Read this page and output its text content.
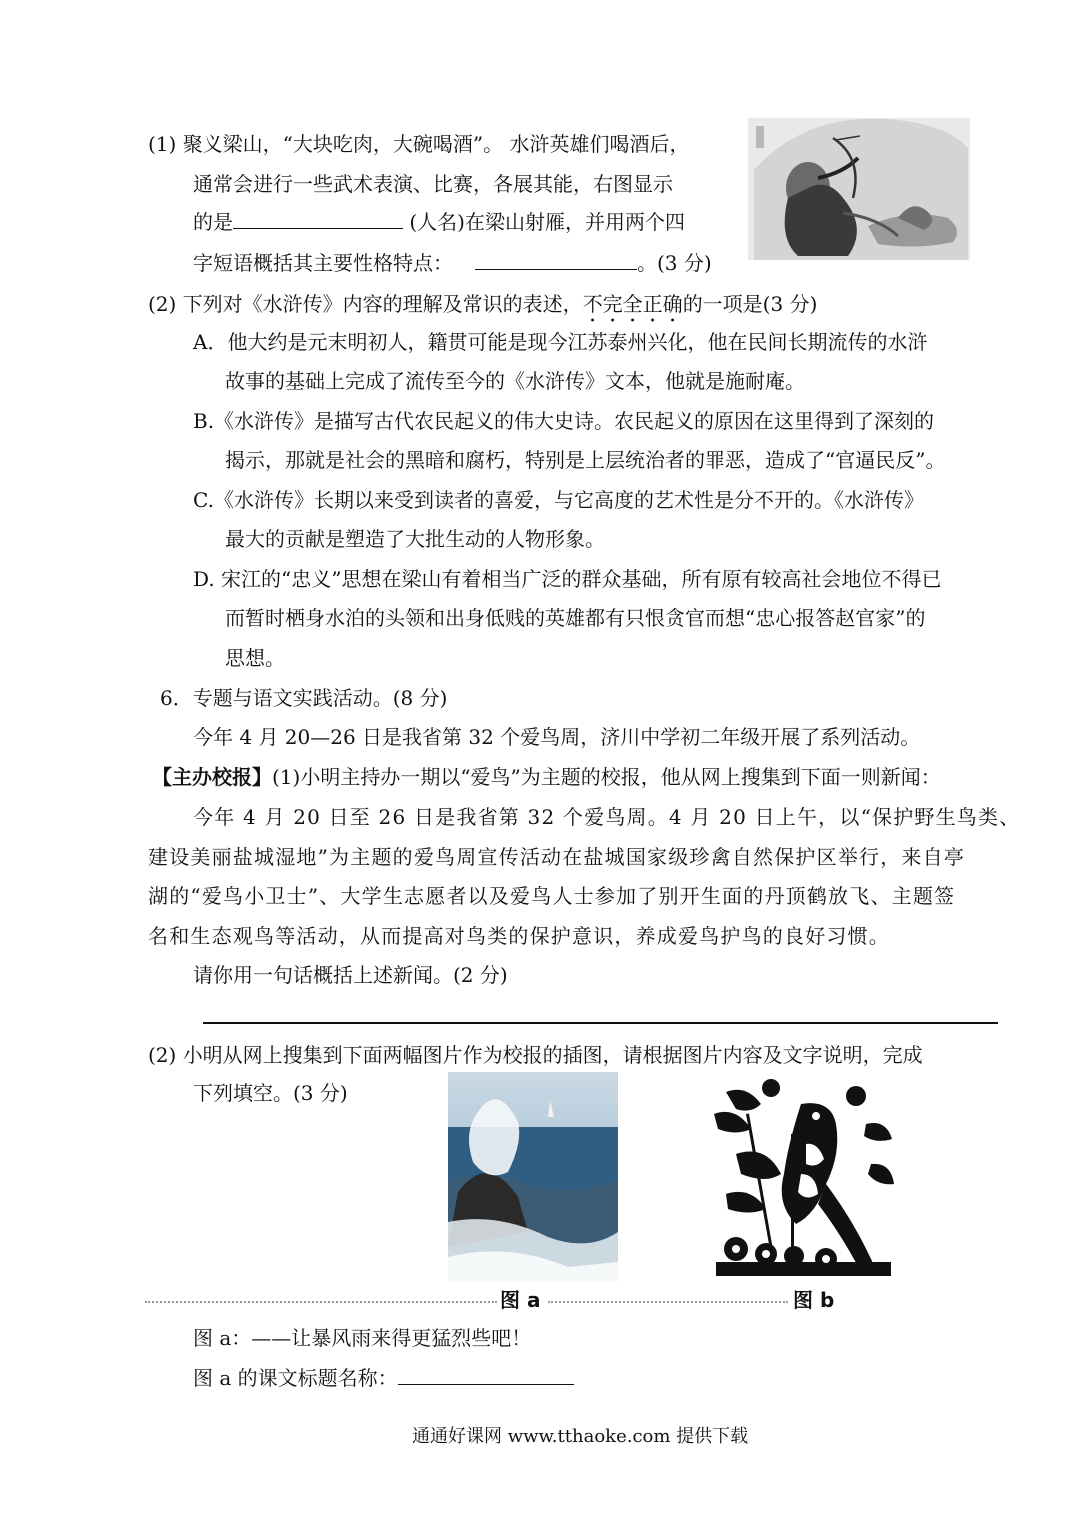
(1) 聚义梁山，“大块吃肉，大碗喝酒”。 水浒英雄们喝酒后，
通常会进行一些武术表演、比赛，各展其能，右图显示
的是	(人名)在梁山射雁，并用两个四
字短语概括其主要性格特点：	。(3 分)
(2) 下列对《水浒传》内容的理解及常识的表述，不完全正确的一项是(3 分)
A．他大约是元末明初人，籍贯可能是现今江苏泰州兴化，他在民间长期流传的水浒
故事的基础上完成了流传至今的《水浒传》文本，他就是施耐庵。
B.《水浒传》是描写古代农民起义的伟大史诗。农民起义的原因在这里得到了深刻的
揭示，那就是社会的黑暗和腐朽，特别是上层统治者的罪恶，造成了“官逼民反”。
C.《水浒传》长期以来受到读者的喜爱，与它高度的艺术性是分不开的。《水浒传》
最大的贡献是塑造了大批生动的人物形象。
D. 宋江的“忠义”思想在梁山有着相当广泛的群众基础，所有原有较高社会地位不得已
而暂时栖身水泊的头领和出身低贱的英雄都有只恨贪官而想“忠心报答赵官家”的
思想。
6．专题与语文实践活动。(8 分)
今年 4 月 20—26 日是我省第 32 个爱鸟周，济川中学初二年级开展了系列活动。
【主办校报】(1)小明主持办一期以“爱鸟”为主题的校报，他从网上搜集到下面一则新闻：
今年 4 月 20 日至 26 日是我省第 32 个爱鸟周。4 月 20 日上午，以“保护野生鸟类、
建设美丽盐城湿地”为主题的爱鸟周宣传活动在盐城国家级珍禽自然保护区举行，来自亭
湖的“爱鸟小卫士”、大学生志愿者以及爱鸟人士参加了别开生面的丹顶鹤放飞、主题签
名和生态观鸟等活动，从而提高对鸟类的保护意识，养成爱鸟护鸟的良好习惯。
请你用一句话概括上述新闻。(2 分)
(2) 小明从网上搜集到下面两幅图片作为校报的插图，请根据图片内容及文字说明，完成
下列填空。(3 分)
图 a	图 b
图 a：——让暴风雨来得更猛烈些吧！
图 a 的课文标题名称：
通通好课网 www.tthaoke.com 提供下载
